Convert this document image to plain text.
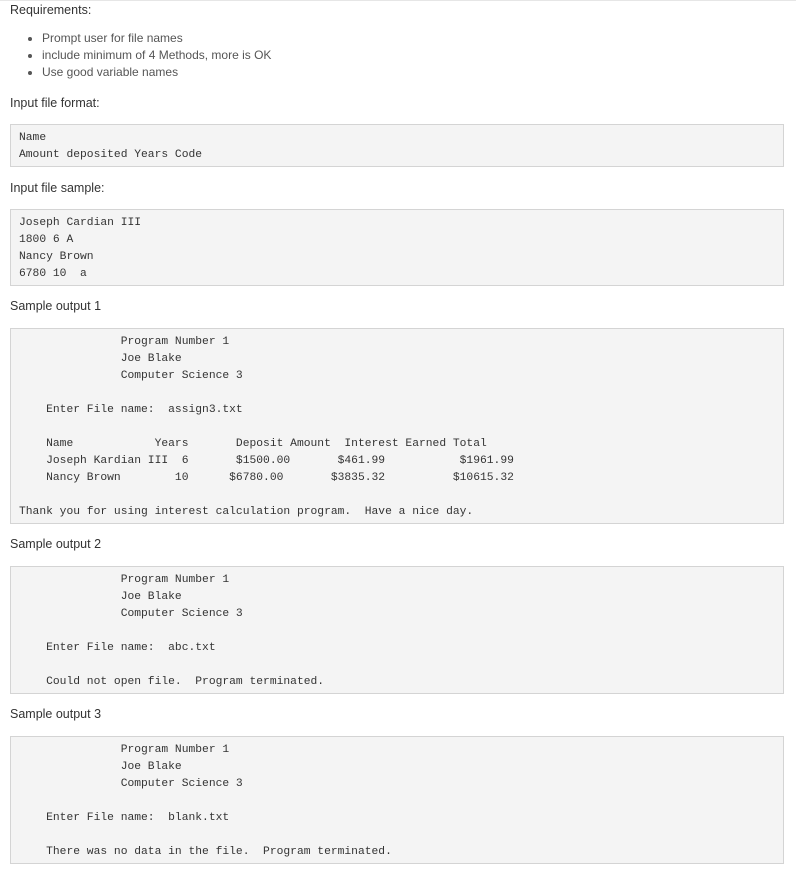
Requirements:
• Prompt user for file names
• include minimum of 4 Methods, more is OK
• Use good variable names
Input file format:
Name
Amount deposited Years Code
Input file sample:
Joseph Cardian III
1800 6 A
Nancy Brown
6780 10  a
Sample output 1
Program Number 1
Joe Blake
Computer Science 3

Enter File name:  assign3.txt

Name            Years       Deposit Amount  Interest Earned Total
Joseph Kardian III  6       $1500.00       $461.99           $1961.99
Nancy Brown        10      $6780.00       $3835.32          $10615.32

Thank you for using interest calculation program.  Have a nice day.
Sample output 2
Program Number 1
Joe Blake
Computer Science 3

Enter File name:  abc.txt

Could not open file.  Program terminated.
Sample output 3
Program Number 1
Joe Blake
Computer Science 3

Enter File name:  blank.txt

There was no data in the file.  Program terminated.
